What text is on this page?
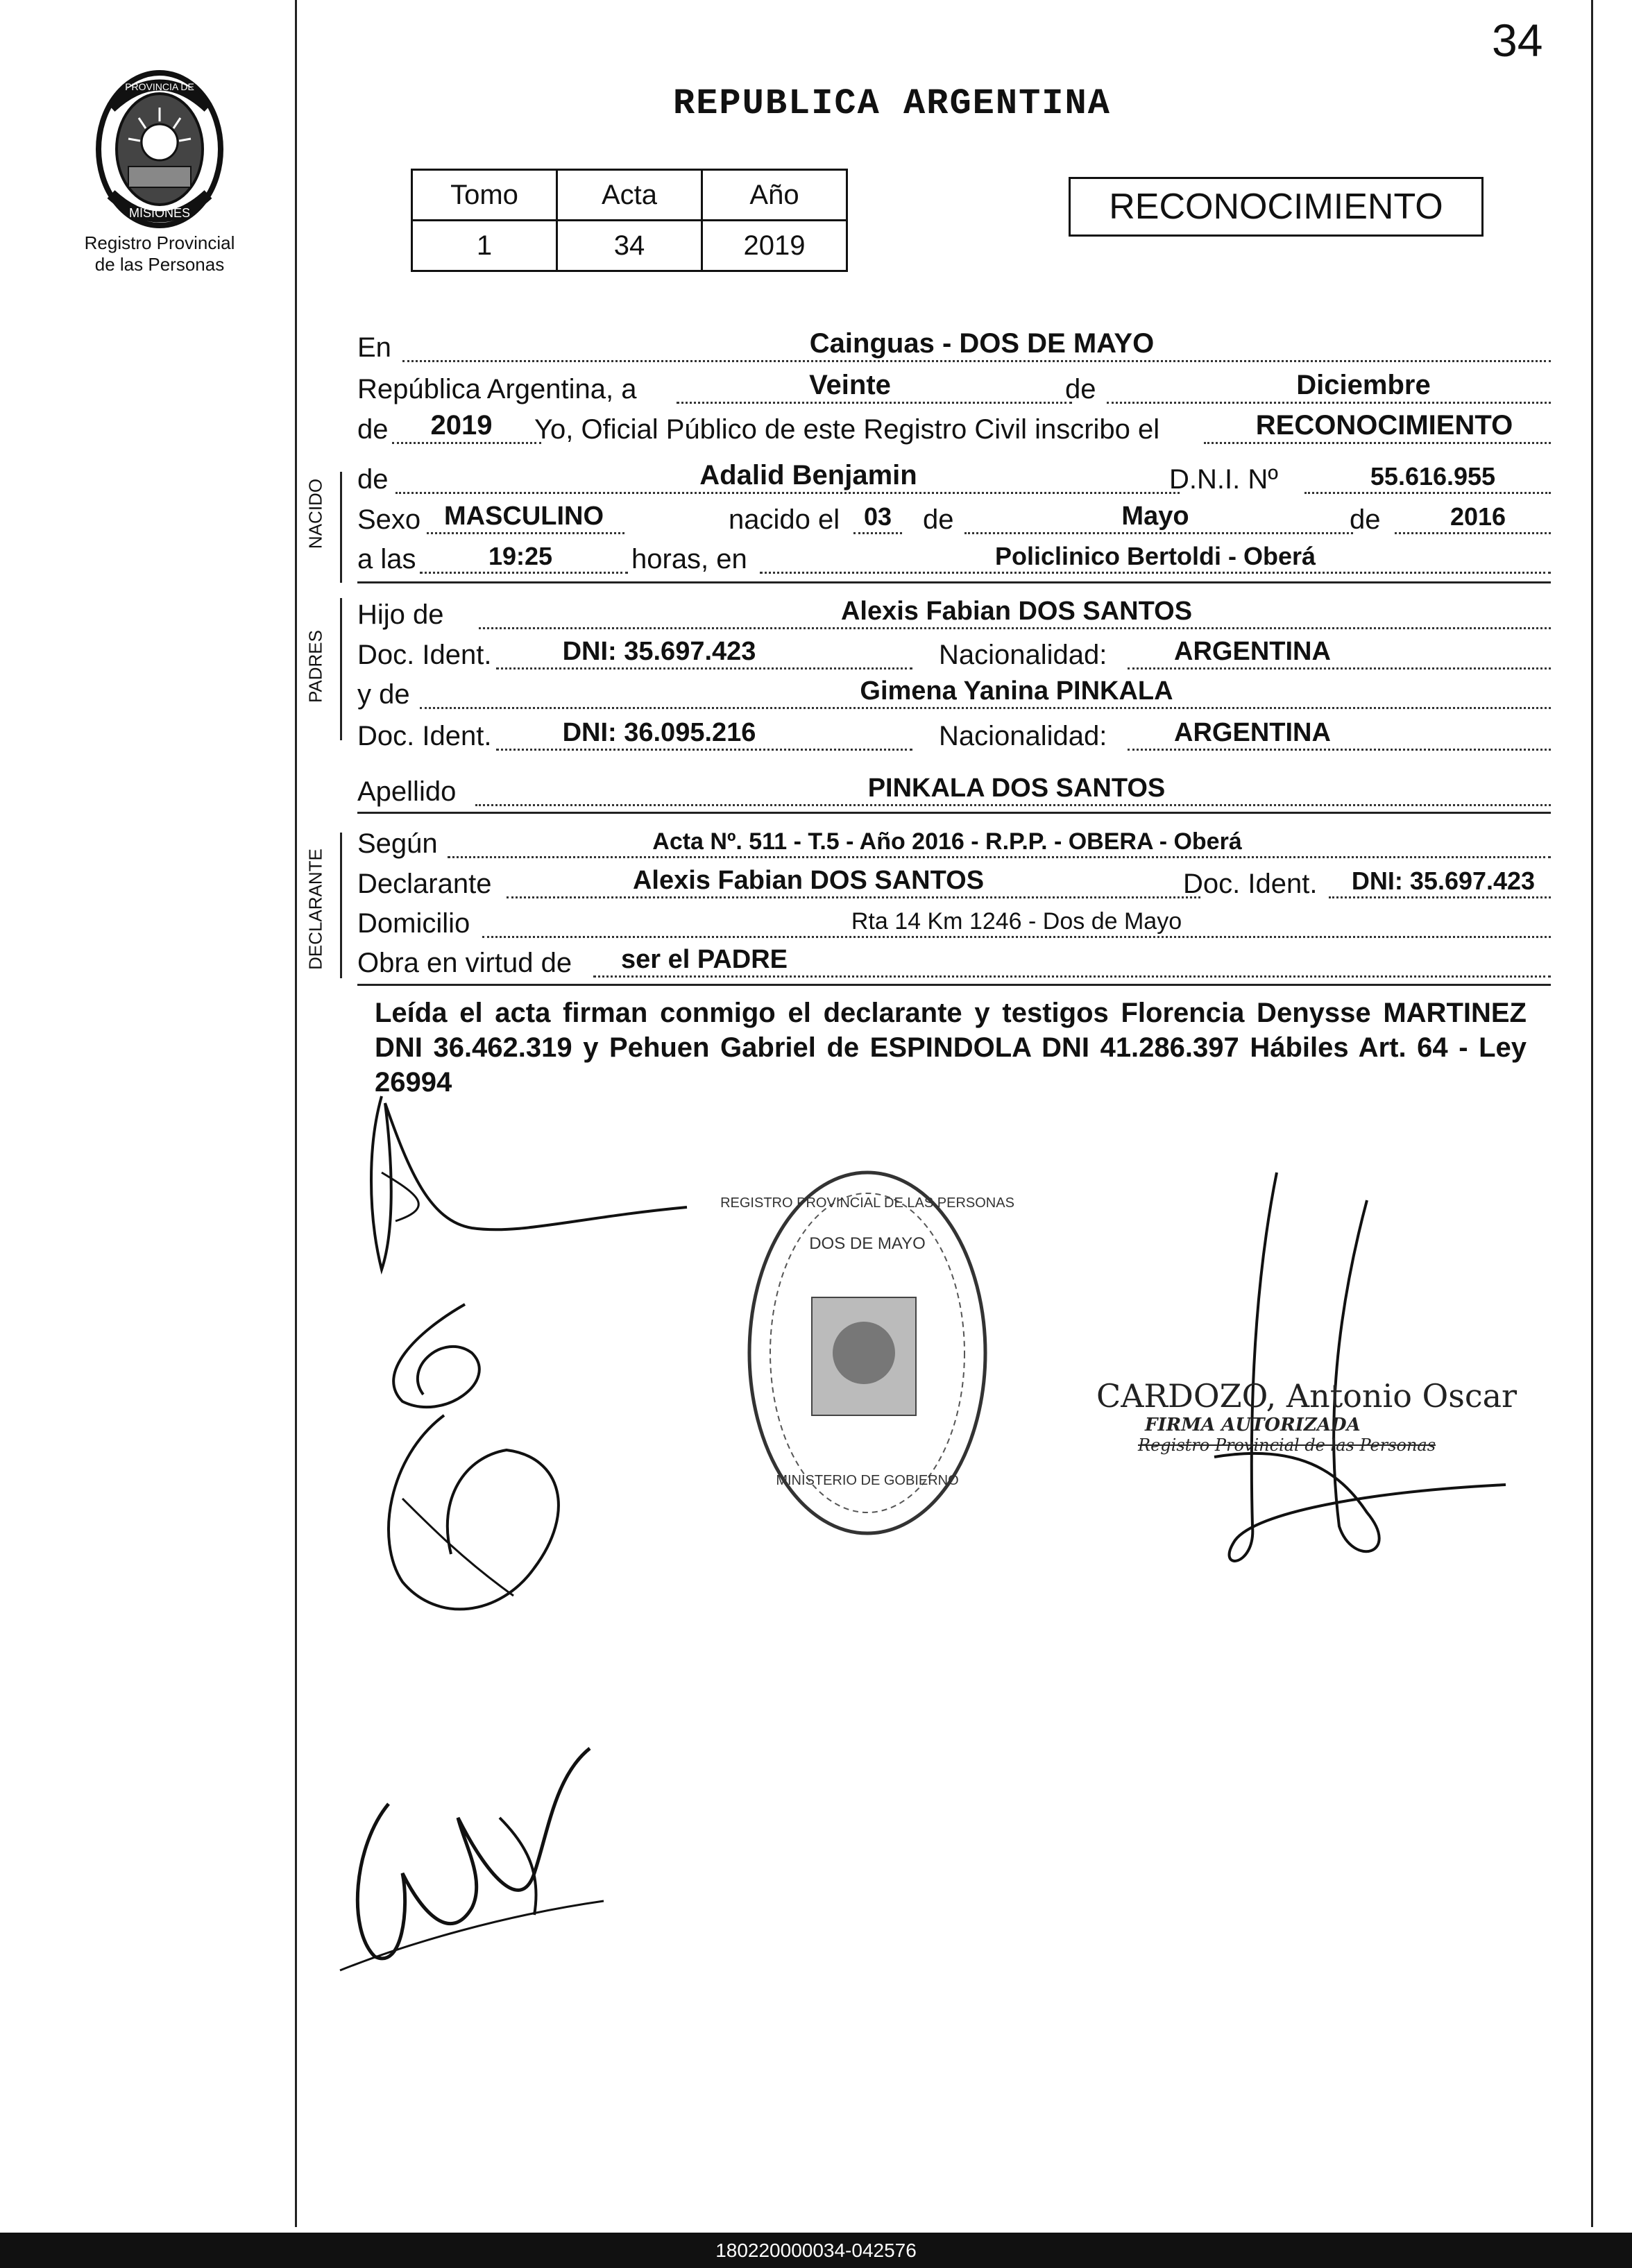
34
REPUBLICA ARGENTINA
PROVINCIA DE
MISIONES
Registro Provincial
de las Personas
Tomo	Acta	Año
1	34	2019
RECONOCIMIENTO
En	Cainguas - DOS DE MAYO
República Argentina, a	Veinte	de	Diciembre
de	2019	Yo, Oficial Público de este Registro Civil inscribo el	RECONOCIMIENTO
NACIDO de	Adalid Benjamin	D.N.I. Nº	55.616.955
Sexo MASCULINO	nacido el 03	de	Mayo	de	2016
a las	19:25	horas, en	Policlinico Bertoldi - Oberá
PADRES
Hijo de	Alexis Fabian DOS SANTOS
Doc. Ident.	DNI: 35.697.423	Nacionalidad:	ARGENTINA
y de	Gimena Yanina PINKALA
Doc. Ident.	DNI: 36.095.216	Nacionalidad:	ARGENTINA
Apellido	PINKALA DOS SANTOS
DECLARANTE
Según	Acta Nº. 511 - T.5 - Año 2016 - R.P.P. - OBERA - Oberá
Declarante	Alexis Fabian DOS SANTOS	Doc. Ident.	DNI: 35.697.423
Domicilio	Rta 14 Km 1246 - Dos de Mayo
Obra en virtud de	ser el PADRE
Leída el acta firman conmigo el declarante y testigos Florencia Denysse MARTINEZ DNI 36.462.319 y Pehuen Gabriel de ESPINDOLA DNI 41.286.397 Hábiles Art. 64 - Ley 26994
REGISTRO PROVINCIAL DE LAS PERSONAS
DOS DE MAYO
MINISTERIO DE GOBIERNO
CARDOZO, Antonio Oscar
FIRMA AUTORIZADA
Registro Provincial de las Personas
180220000034-042576
